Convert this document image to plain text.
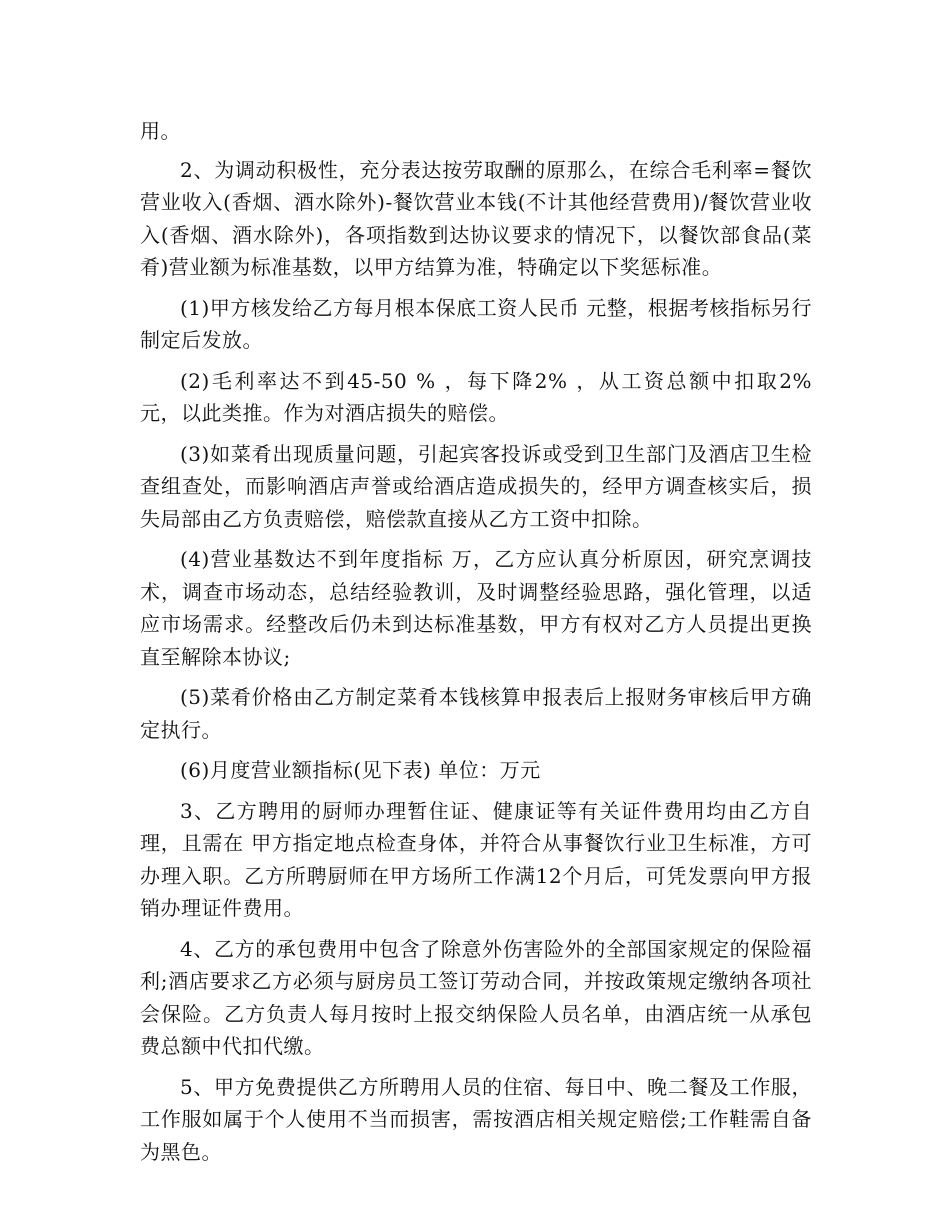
用。

2、为调动积极性，充分表达按劳取酬的原那么，在综合毛利率=餐饮营业收入(香烟、酒水除外)-餐饮营业本钱(不计其他经营费用)/餐饮营业收入(香烟、酒水除外)，各项指数到达协议要求的情况下，以餐饮部食品(菜肴)营业额为标准基数，以甲方结算为准，特确定以下奖惩标准。

(1)甲方核发给乙方每月根本保底工资人民币 元整，根据考核指标另行制定后发放。

(2)毛利率达不到45-50 % ，每下降2% ，从工资总额中扣取2% 元，以此类推。作为对酒店损失的赔偿。

(3)如菜肴出现质量问题，引起宾客投诉或受到卫生部门及酒店卫生检查组查处，而影响酒店声誉或给酒店造成损失的，经甲方调查核实后，损失局部由乙方负责赔偿，赔偿款直接从乙方工资中扣除。

(4)营业基数达不到年度指标 万，乙方应认真分析原因，研究烹调技术，调查市场动态，总结经验教训，及时调整经验思路，强化管理，以适应市场需求。经整改后仍未到达标准基数，甲方有权对乙方人员提出更换直至解除本协议;

(5)菜肴价格由乙方制定菜肴本钱核算申报表后上报财务审核后甲方确定执行。

(6)月度营业额指标(见下表) 单位：万元

3、乙方聘用的厨师办理暂住证、健康证等有关证件费用均由乙方自理，且需在 甲方指定地点检查身体，并符合从事餐饮行业卫生标准，方可办理入职。乙方所聘厨师在甲方场所工作满12个月后，可凭发票向甲方报销办理证件费用。

4、乙方的承包费用中包含了除意外伤害险外的全部国家规定的保险福利;酒店要求乙方必须与厨房员工签订劳动合同，并按政策规定缴纳各项社会保险。乙方负责人每月按时上报交纳保险人员名单，由酒店统一从承包费总额中代扣代缴。

5、甲方免费提供乙方所聘用人员的住宿、每日中、晚二餐及工作服，工作服如属于个人使用不当而损害，需按酒店相关规定赔偿;工作鞋需自备为黑色。
